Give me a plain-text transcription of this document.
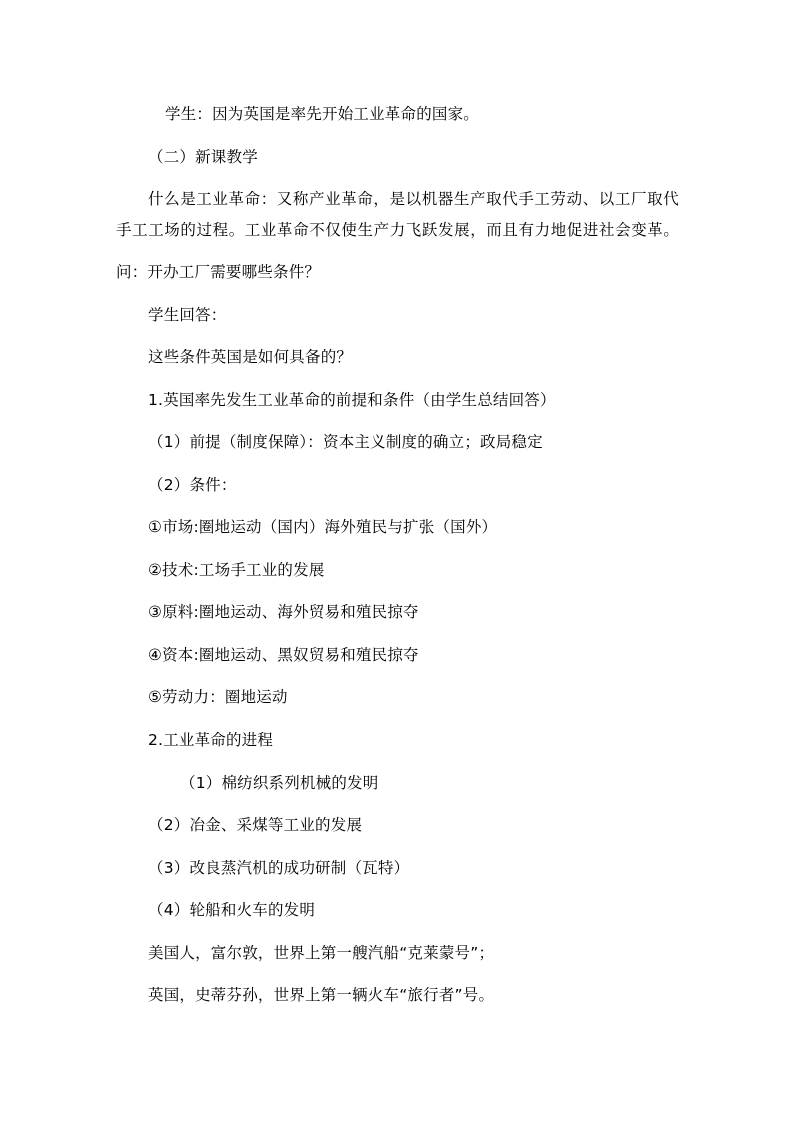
学生：因为英国是率先开始工业革命的国家。
（二）新课教学
什么是工业革命：又称产业革命，是以机器生产取代手工劳动、以工厂取代
手工工场的过程。工业革命不仅使生产力飞跃发展，而且有力地促进社会变革。
问：开办工厂需要哪些条件？
学生回答：
这些条件英国是如何具备的？
1.英国率先发生工业革命的前提和条件（由学生总结回答）
（1）前提（制度保障）：资本主义制度的确立；政局稳定
（2）条件：
①市场:圈地运动（国内）海外殖民与扩张（国外）
②技术:工场手工业的发展
③原料:圈地运动、海外贸易和殖民掠夺
④资本:圈地运动、黑奴贸易和殖民掠夺
⑤劳动力：圈地运动
2.工业革命的进程
（1）棉纺织系列机械的发明
（2）冶金、采煤等工业的发展
（3）改良蒸汽机的成功研制（瓦特）
（4）轮船和火车的发明
美国人，富尔敦，世界上第一艘汽船“克莱蒙号”；
英国，史蒂芬孙，世界上第一辆火车“旅行者”号。
